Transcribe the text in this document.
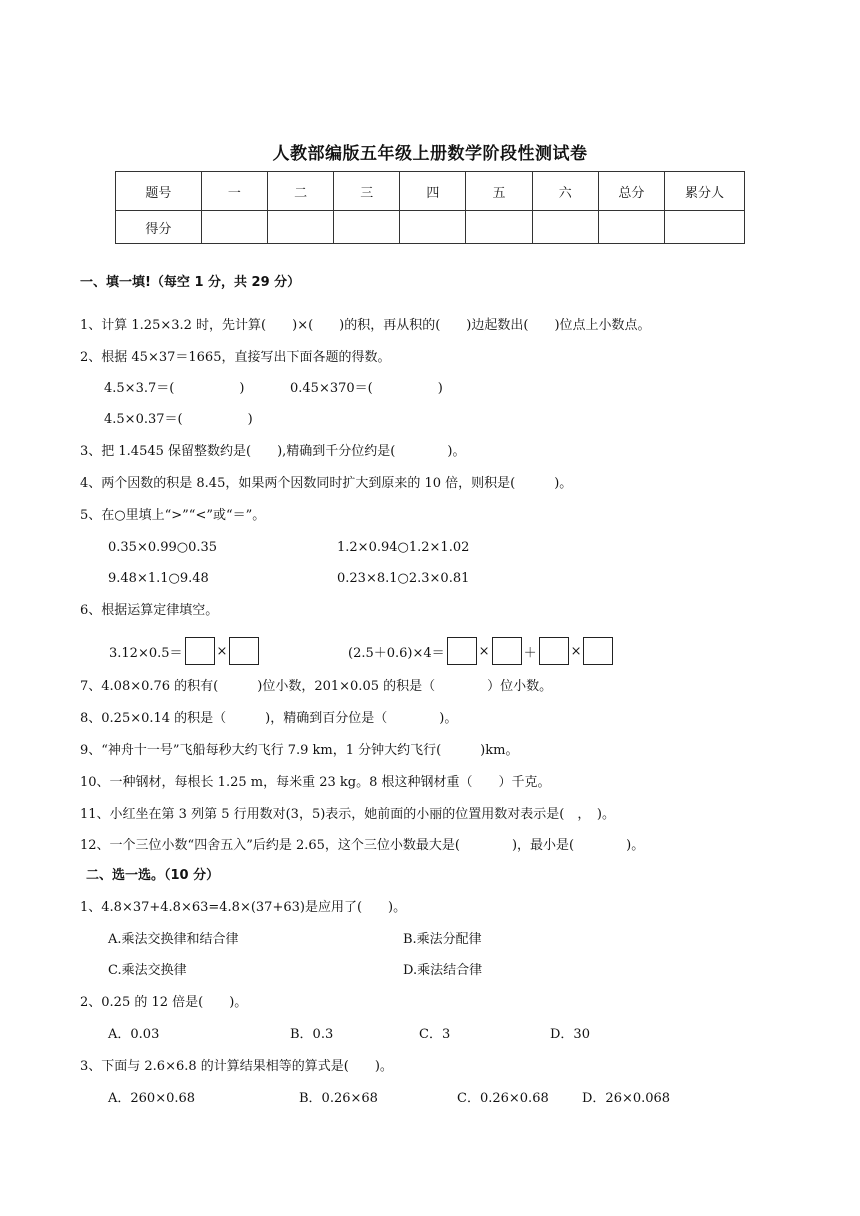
人教部编版五年级上册数学阶段性测试卷
题号	一	二	三	四	五	六	总分	累分人
得分								
一、填一填!（每空 1 分，共 29 分）
1、计算 1.25×3.2 时，先计算(　　)×(　　)的积，再从积的(　　)边起数出(　　)位点上小数点。
2、根据 45×37＝1665，直接写出下面各题的得数。
4.5×3.7＝(　　　　　)	0.45×370＝(　　　　　)
4.5×0.37＝(　　　　　)
3、把 1.4545 保留整数约是(　　),精确到千分位约是(　　　　)。
4、两个因数的积是 8.45，如果两个因数同时扩大到原来的 10 倍，则积是(　　　)。
5、在○里填上“>”“<”或“＝”。
0.35×0.99○0.35	1.2×0.94○1.2×1.02
9.48×1.1○9.48	0.23×8.1○2.3×0.81
6、根据运算定律填空。
3.12×0.5＝	×	(2.5＋0.6)×4＝	×	＋	×
7、4.08×0.76 的积有(　　　)位小数，201×0.05 的积是（　　　　）位小数。
8、0.25×0.14 的积是（　　　)，精确到百分位是（　　　　)。
9、“神舟十一号”飞船每秒大约飞行 7.9 km，1 分钟大约飞行(　　　)km。
10、一种钢材，每根长 1.25 m，每米重 23 kg。8 根这种钢材重（　　）千克。
11、小红坐在第 3 列第 5 行用数对(3，5)表示，她前面的小丽的位置用数对表示是(　，　)。
12、一个三位小数“四舍五入”后约是 2.65，这个三位小数最大是(　　　　)，最小是(　　　　)。
二、选一选。（10 分）
1、4.8×37+4.8×63=4.8×(37+63)是应用了(　　)。
A.乘法交换律和结合律	B.乘法分配律
C.乘法交换律	D.乘法结合律
2、0.25 的 12 倍是(　　)。
A．0.03	B．0.3	C．3	D．30
3、下面与 2.6×6.8 的计算结果相等的算式是(　　)。
A．260×0.68	B．0.26×68	C．0.26×0.68	D．26×0.068
